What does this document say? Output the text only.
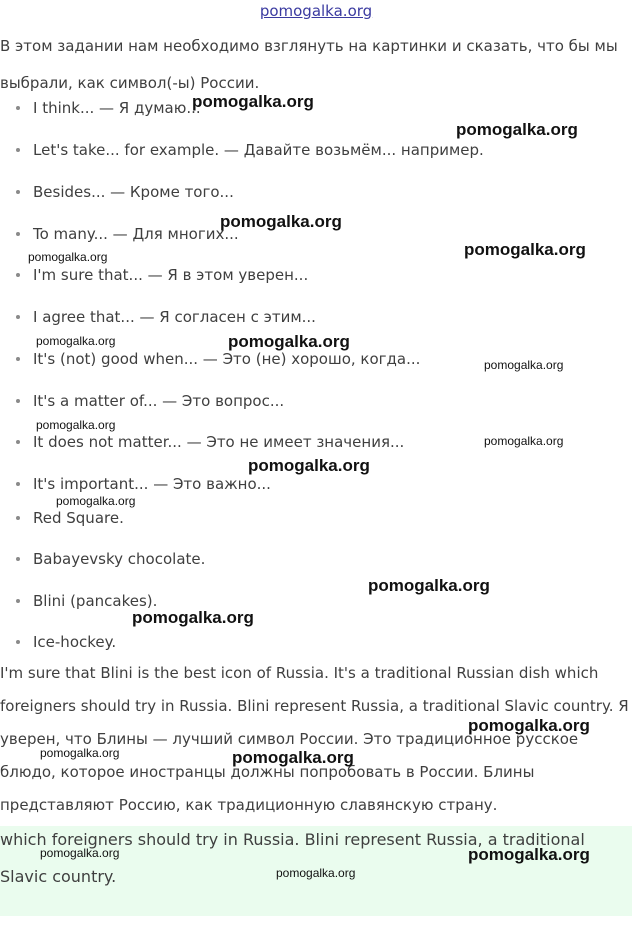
pomogalka.org

В этом задании нам необходимо взглянуть на картинки и сказать, что бы мы

выбрали, как символ(-ы) России.

I think... — Я думаю...
Let's take... for example. — Давайте возьмём... например.
Besides... — Кроме того...
To many... — Для многих...
I'm sure that... — Я в этом уверен...
I agree that... — Я согласен с этим...
It's (not) good when... — Это (не) хорошо, когда...
It's a matter of... — Это вопрос...
It does not matter... — Это не имеет значения...
It's important... — Это важно...
Red Square.
Babayevsky chocolate.
Blini (pancakes).
Ice-hockey.
I'm sure that Blini is the best icon of Russia. It's a traditional Russian dish which
foreigners should try in Russia. Blini represent Russia, a traditional Slavic country. Я
уверен, что Блины — лучший символ России. Это традиционное русское
блюдо, которое иностранцы должны попробовать в России. Блины
представляют Россию, как традиционную славянскую страну.

which foreigners should try in Russia. Blini represent Russia, a traditional
Slavic country.

pomogalka.org
pomogalka.org
pomogalka.org
pomogalka.org
pomogalka.org
pomogalka.org
pomogalka.org
pomogalka.org
pomogalka.org
pomogalka.org
pomogalka.org
pomogalka.org
pomogalka.org
pomogalka.org
pomogalka.org
pomogalka.org	pomogalka.org
pomogalka.org	pomogalka.org
pomogalka.org
